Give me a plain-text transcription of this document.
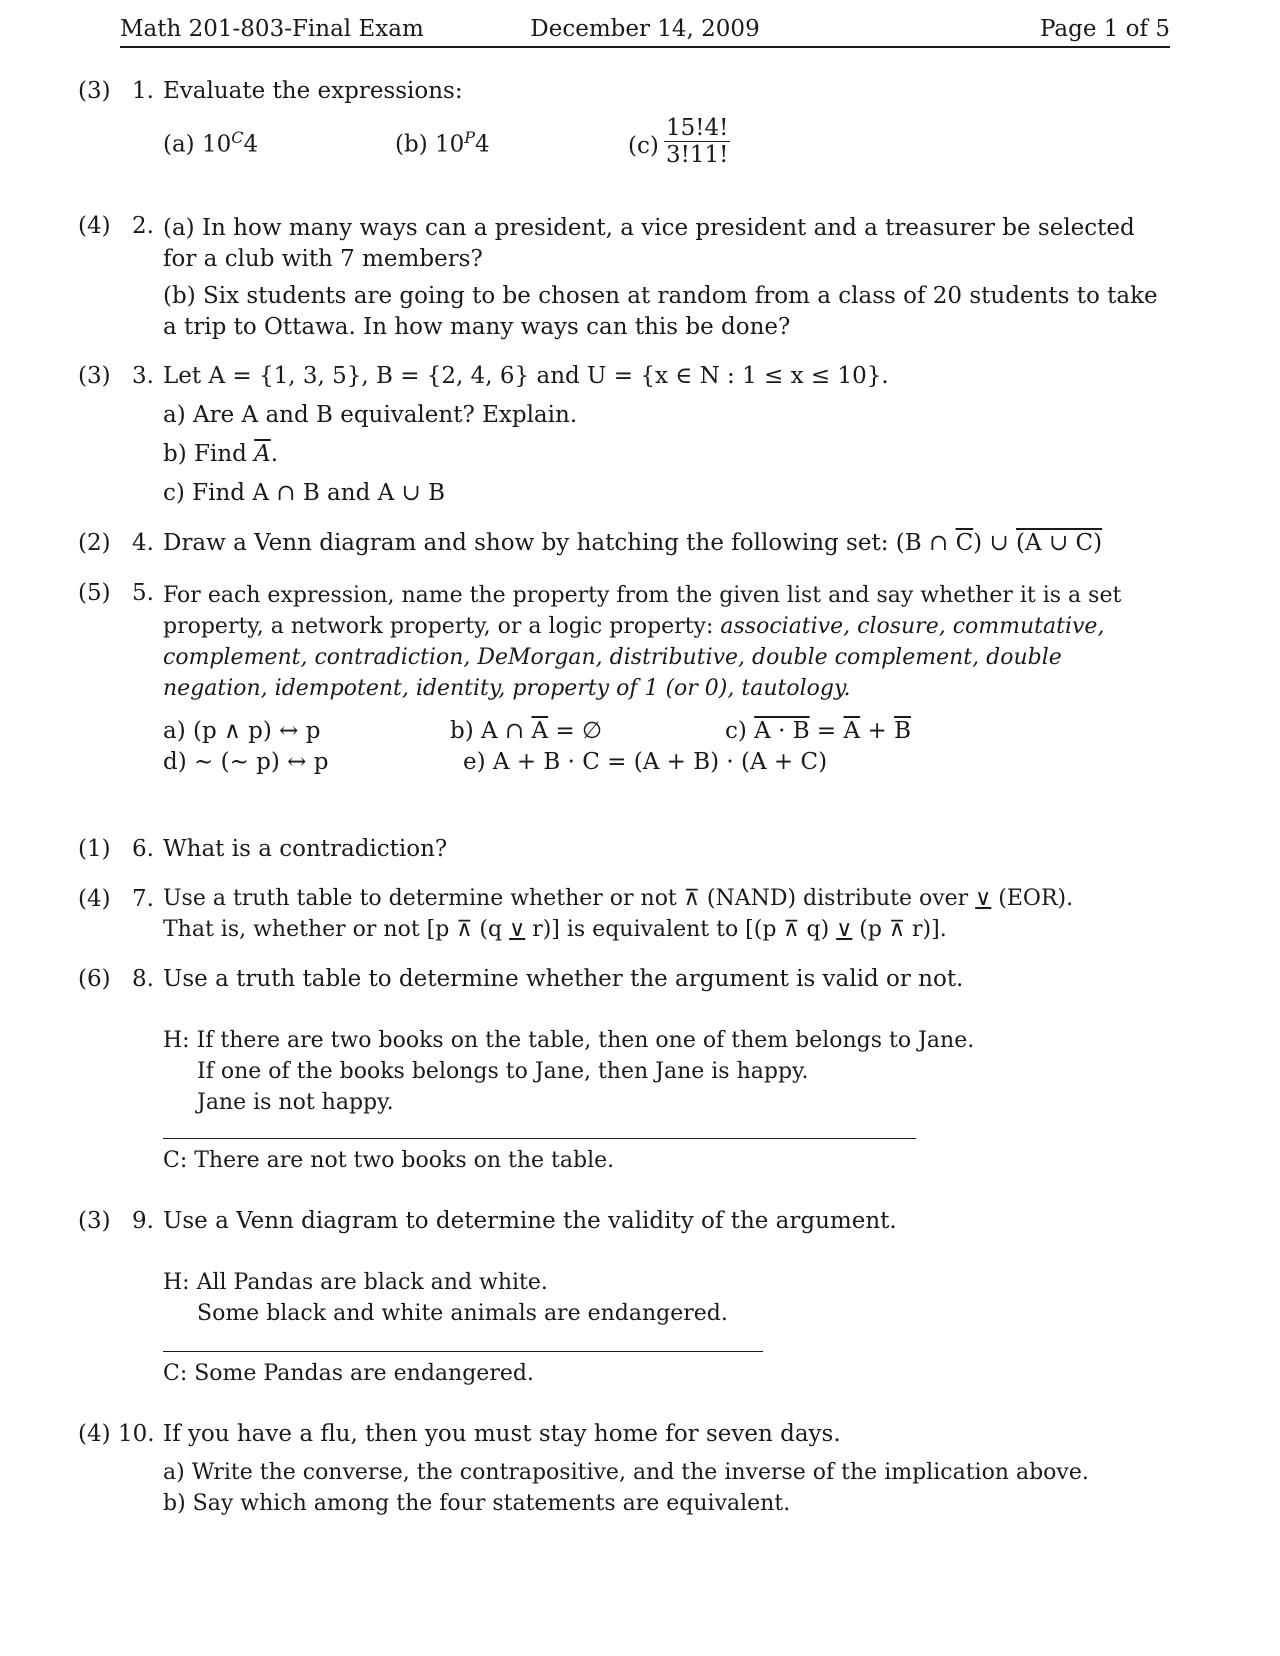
Math 201-803-Final Exam	December 14, 2009	Page 1 of 5
(3) 1. Evaluate the expressions:
(a) $10^C4$	(b) $10^P4$	$(c) \frac{15!4!}{3!11!}$
(4) 2. (a) In how many ways can a president, a vice president and a treasurer be selected for a club with 7 members?
(b) Six students are going to be chosen at random from a class of 20 students to take a trip to Ottawa. In how many ways can this be done?
(3) 3. Let A = {1, 3, 5}, B = {2, 4, 6} and U = {x ∈ N : 1 ≤ x ≤ 10}.
a) Are A and B equivalent? Explain.
b) Find $\overline{A}$.
c) Find A ∩ B and A ∪ B
(2) 4. Draw a Venn diagram and show by hatching the following set: (B ∩ $\overline{C}$) ∪ (A ∪ C)
(5) 5. For each expression, name the property from the given list and say whether it is a set property, a network property, or a logic property: associative, closure, commutative, complement, contradiction, DeMorgan, distributive, double complement, double negation, idempotent, identity, property of 1 (or 0), tautology.
a) (p ∧ p) ↔ p	b) A ∩ $\overline{A}$ = ∅	c) $A \cdot B = \overline{A} + \overline{B}$
d) ∼ (∼ p) ↔ p	e) A + B · C = (A + B) · (A + C)
(1) 6. What is a contradiction?
(4) 7. Use a truth table to determine whether or not ⊼ (NAND) distribute over ∨ (EOR).
That is, whether or not [p ⊼ (q ∨ r)] is equivalent to [(p ⊼ q) ∨ (p ⊼ r)].
(6) 8. Use a truth table to determine whether the argument is valid or not.
H: If there are two books on the table, then one of them belongs to Jane.
If one of the books belongs to Jane, then Jane is happy.
Jane is not happy.
C: There are not two books on the table.
(3) 9. Use a Venn diagram to determine the validity of the argument.
H: All Pandas are black and white.
Some black and white animals are endangered.
C: Some Pandas are endangered.
(4) 10. If you have a flu, then you must stay home for seven days.
a) Write the converse, the contrapositive, and the inverse of the implication above.
b) Say which among the four statements are equivalent.
